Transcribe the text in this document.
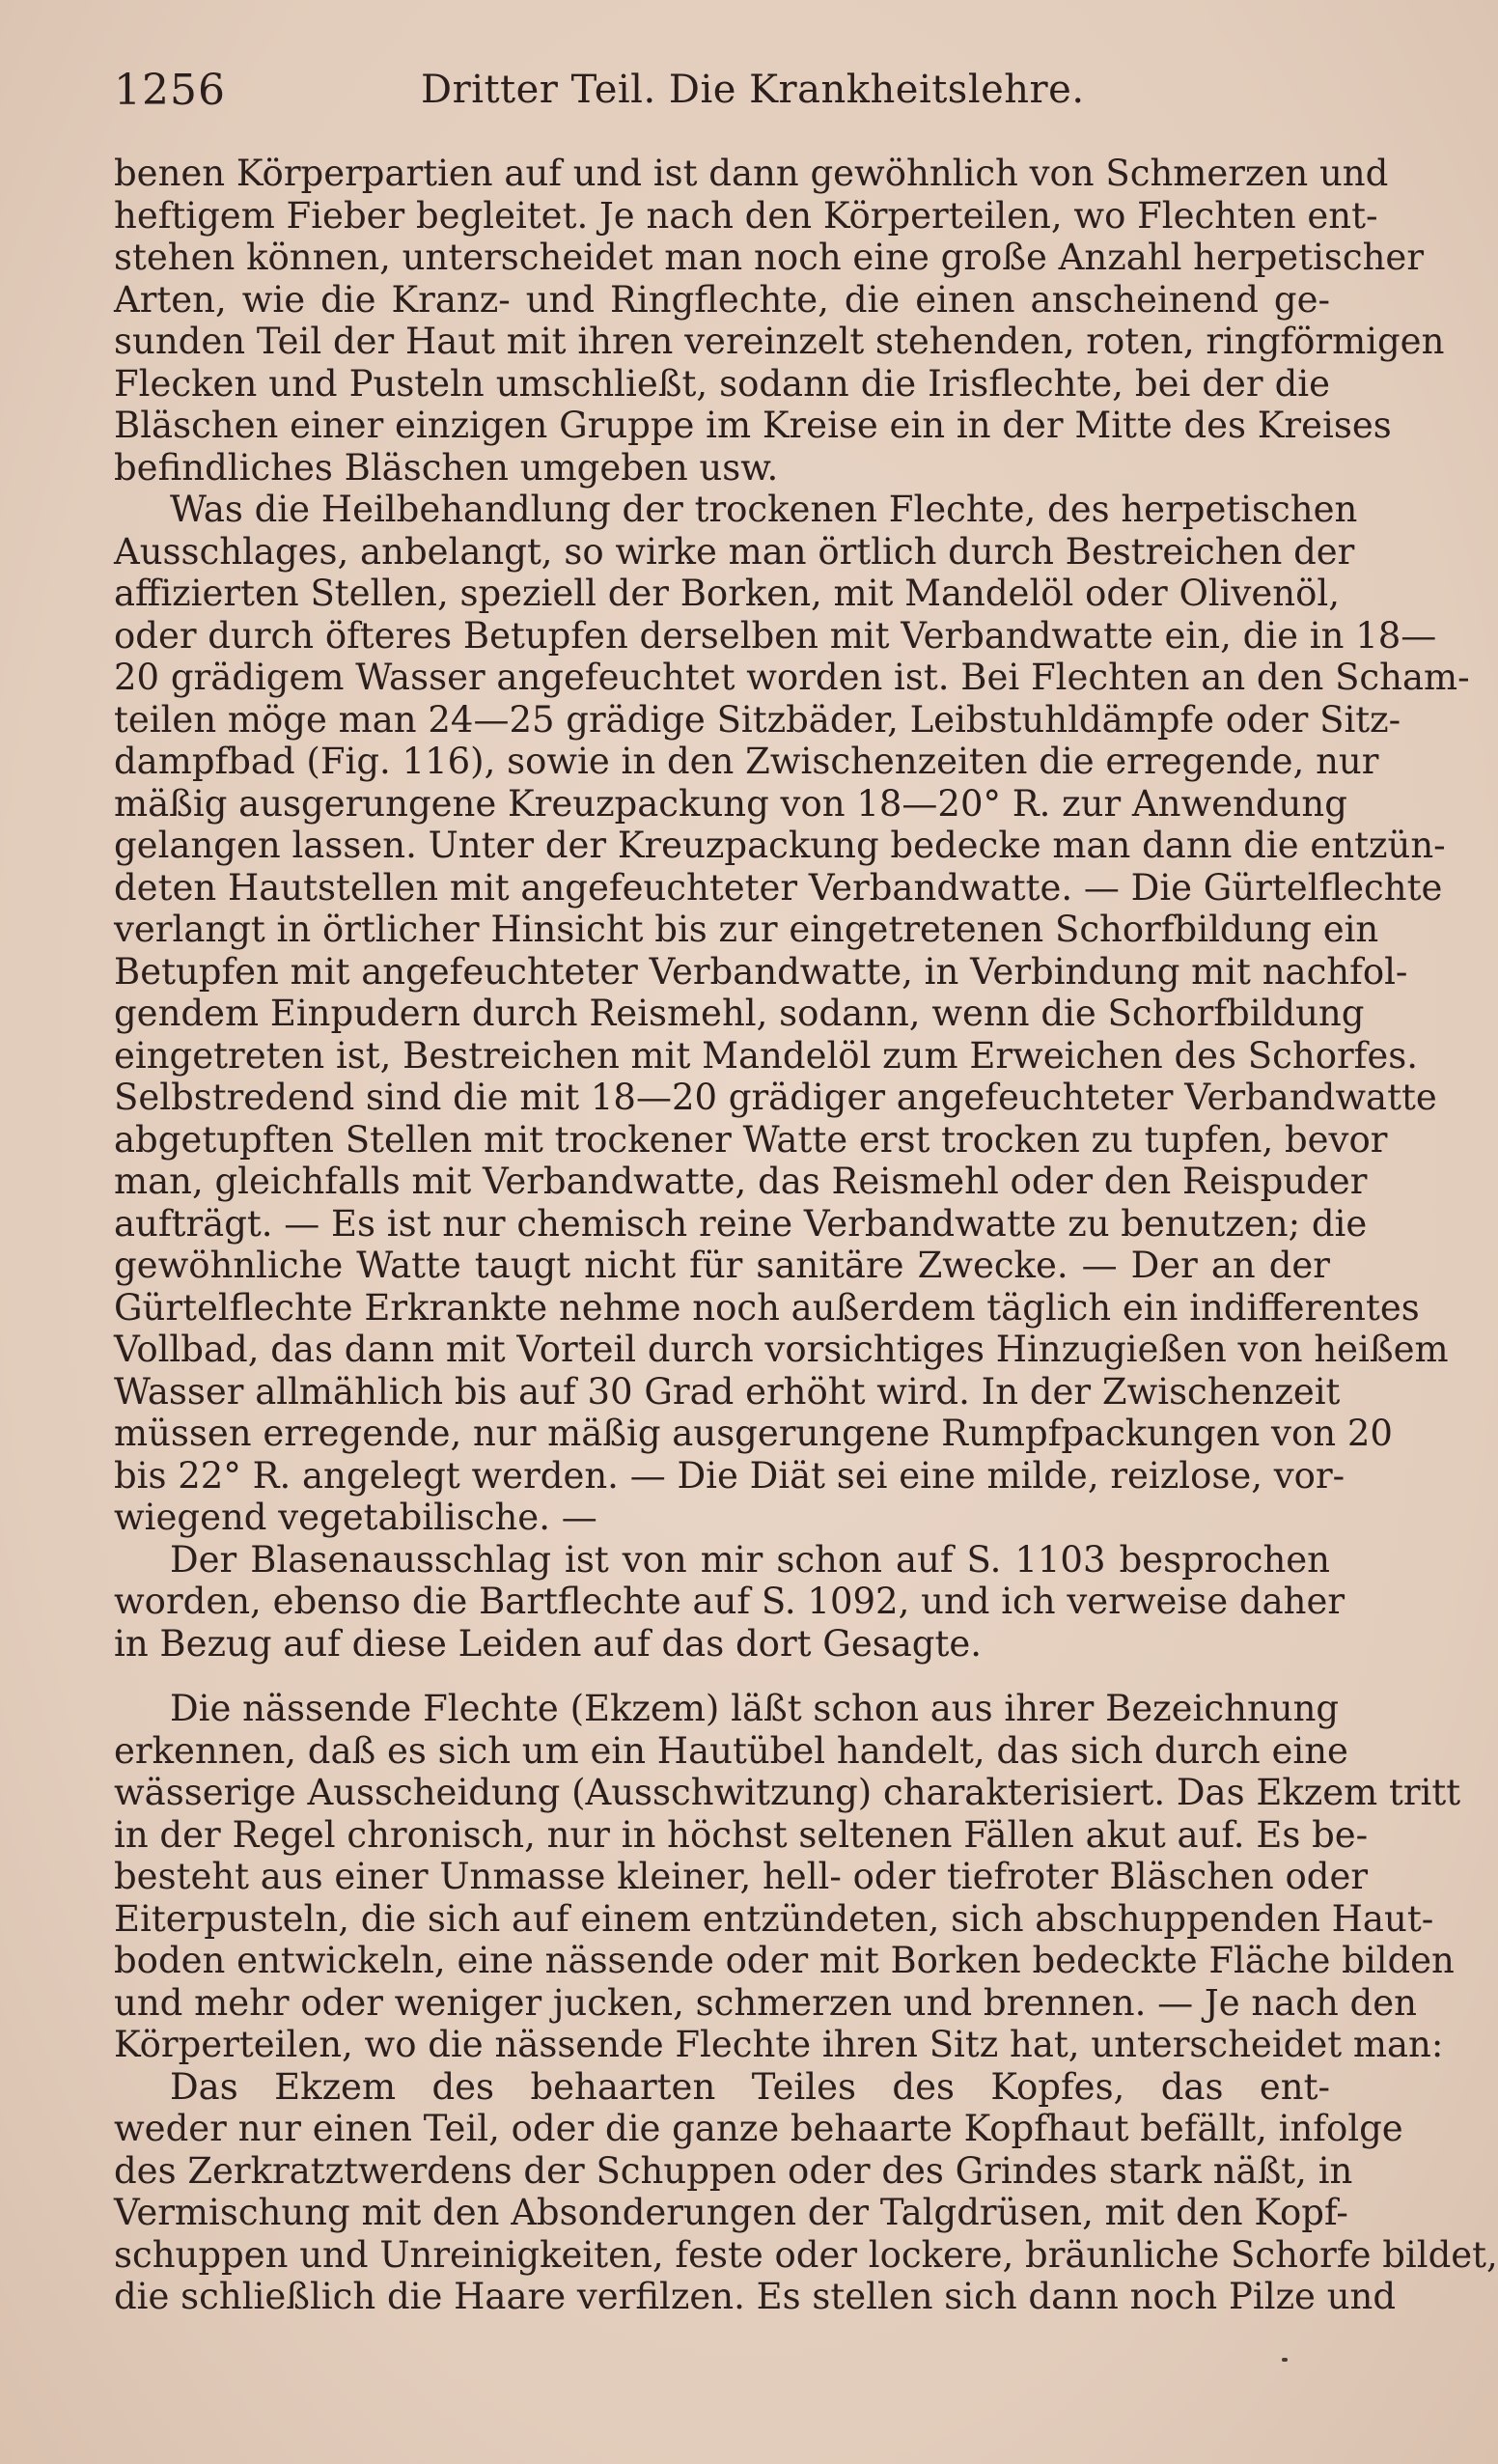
1256	Dritter Teil. Die Krankheitslehre.
benen Körperpartien auf und ist dann gewöhnlich von Schmerzen und
heftigem Fieber begleitet. Je nach den Körperteilen, wo Flechten ent-
stehen können, unterscheidet man noch eine große Anzahl herpetischer
Arten, wie die Kranz- und Ringflechte, die einen anscheinend ge-
sunden Teil der Haut mit ihren vereinzelt stehenden, roten, ringförmigen
Flecken und Pusteln umschließt, sodann die Irisflechte, bei der die
Bläschen einer einzigen Gruppe im Kreise ein in der Mitte des Kreises
befindliches Bläschen umgeben usw.
Was die Heilbehandlung der trockenen Flechte, des herpetischen
Ausschlages, anbelangt, so wirke man örtlich durch Bestreichen der
affizierten Stellen, speziell der Borken, mit Mandelöl oder Olivenöl,
oder durch öfteres Betupfen derselben mit Verbandwatte ein, die in 18—
20 grädigem Wasser angefeuchtet worden ist. Bei Flechten an den Scham-
teilen möge man 24—25 grädige Sitzbäder, Leibstuhldämpfe oder Sitz-
dampfbad (Fig. 116), sowie in den Zwischenzeiten die erregende, nur
mäßig ausgerungene Kreuzpackung von 18—20° R. zur Anwendung
gelangen lassen. Unter der Kreuzpackung bedecke man dann die entzün-
deten Hautstellen mit angefeuchteter Verbandwatte. — Die Gürtelflechte
verlangt in örtlicher Hinsicht bis zur eingetretenen Schorfbildung ein
Betupfen mit angefeuchteter Verbandwatte, in Verbindung mit nachfol-
gendem Einpudern durch Reismehl, sodann, wenn die Schorfbildung
eingetreten ist, Bestreichen mit Mandelöl zum Erweichen des Schorfes.
Selbstredend sind die mit 18—20 grädiger angefeuchteter Verbandwatte
abgetupften Stellen mit trockener Watte erst trocken zu tupfen, bevor
man, gleichfalls mit Verbandwatte, das Reismehl oder den Reispuder
aufträgt. — Es ist nur chemisch reine Verbandwatte zu benutzen; die
gewöhnliche Watte taugt nicht für sanitäre Zwecke. — Der an der
Gürtelflechte Erkrankte nehme noch außerdem täglich ein indifferentes
Vollbad, das dann mit Vorteil durch vorsichtiges Hinzugießen von heißem
Wasser allmählich bis auf 30 Grad erhöht wird. In der Zwischenzeit
müssen erregende, nur mäßig ausgerungene Rumpfpackungen von 20
bis 22° R. angelegt werden. — Die Diät sei eine milde, reizlose, vor-
wiegend vegetabilische. —
Der Blasenausschlag ist von mir schon auf S. 1103 besprochen
worden, ebenso die Bartflechte auf S. 1092, und ich verweise daher
in Bezug auf diese Leiden auf das dort Gesagte.
Die nässende Flechte (Ekzem) läßt schon aus ihrer Bezeichnung
erkennen, daß es sich um ein Hautübel handelt, das sich durch eine
wässerige Ausscheidung (Ausschwitzung) charakterisiert. Das Ekzem tritt
in der Regel chronisch, nur in höchst seltenen Fällen akut auf. Es be-
besteht aus einer Unmasse kleiner, hell- oder tiefroter Bläschen oder
Eiterpusteln, die sich auf einem entzündeten, sich abschuppenden Haut-
boden entwickeln, eine nässende oder mit Borken bedeckte Fläche bilden
und mehr oder weniger jucken, schmerzen und brennen. — Je nach den
Körperteilen, wo die nässende Flechte ihren Sitz hat, unterscheidet man:
Das Ekzem des behaarten Teiles des Kopfes, das ent-
weder nur einen Teil, oder die ganze behaarte Kopfhaut befällt, infolge
des Zerkratztwerdens der Schuppen oder des Grindes stark näßt, in
Vermischung mit den Absonderungen der Talgdrüsen, mit den Kopf-
schuppen und Unreinigkeiten, feste oder lockere, bräunliche Schorfe bildet,
die schließlich die Haare verfilzen. Es stellen sich dann noch Pilze und
